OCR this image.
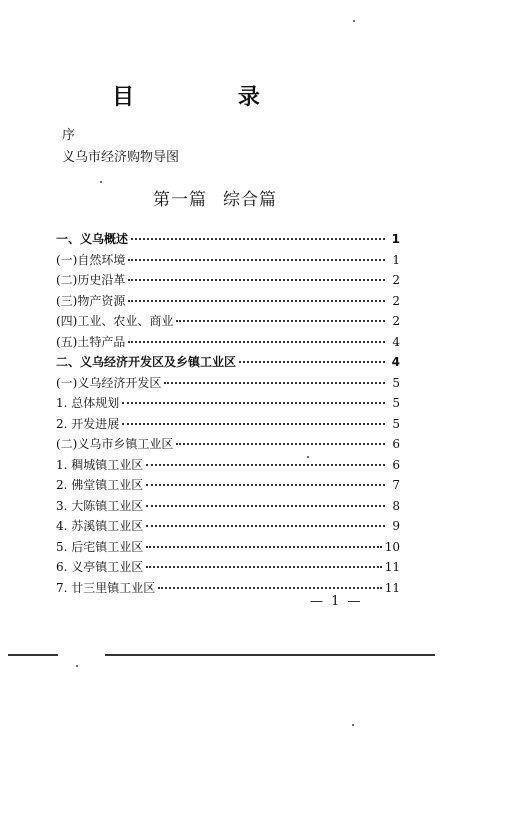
目 录
序
义乌市经济购物导图
第一篇 综合篇
一、义乌概述	1
(一)自然环境	1
(二)历史沿革	2
(三)物产资源	2
(四)工业、农业、商业	2
(五)土特产品	4
二、义乌经济开发区及乡镇工业区	4
(一)义乌经济开发区	5
1. 总体规划	5
2. 开发进展	5
(二)义乌市乡镇工业区	6
1. 稠城镇工业区	6
2. 佛堂镇工业区	7
3. 大陈镇工业区	8
4. 苏溪镇工业区	9
5. 后宅镇工业区	10
6. 义亭镇工业区	11
7. 廿三里镇工业区	11
— 1 —
